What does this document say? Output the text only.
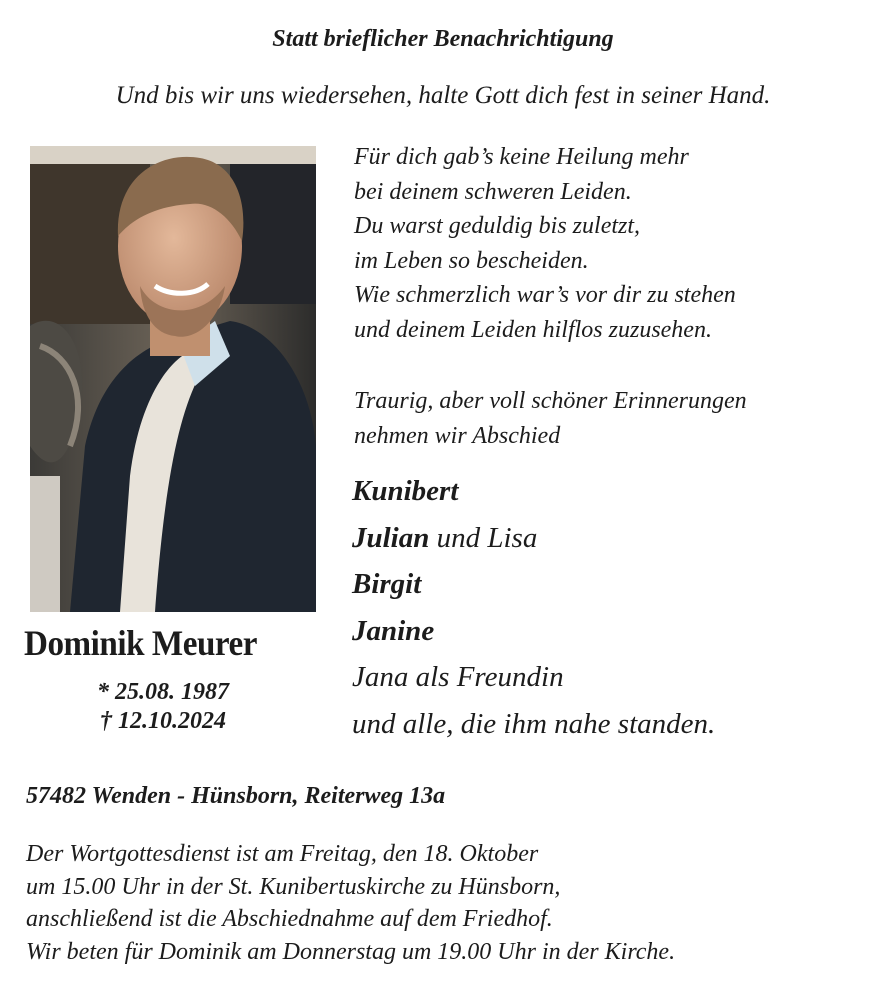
Statt brieflicher Benachrichtigung
Und bis wir uns wiedersehen, halte Gott dich fest in seiner Hand.
Für dich gab’s keine Heilung mehr
bei deinem schweren Leiden.
Du warst geduldig bis zuletzt,
im Leben so bescheiden.
Wie schmerzlich war’s vor dir zu stehen
und deinem Leiden hilflos zuzusehen.
Traurig, aber voll schöner Erinnerungen
nehmen wir Abschied
Kunibert
Julian und Lisa
Birgit
Janine
Jana als Freundin
und alle, die ihm nahe standen.
Dominik Meurer
* 25.08. 1987
† 12.10.2024
57482 Wenden - Hünsborn, Reiterweg 13a
Der Wortgottesdienst ist am Freitag, den 18. Oktober
um 15.00 Uhr in der St. Kunibertuskirche zu Hünsborn,
anschließend ist die Abschiednahme auf dem Friedhof.
Wir beten für Dominik am Donnerstag um 19.00 Uhr in der Kirche.
